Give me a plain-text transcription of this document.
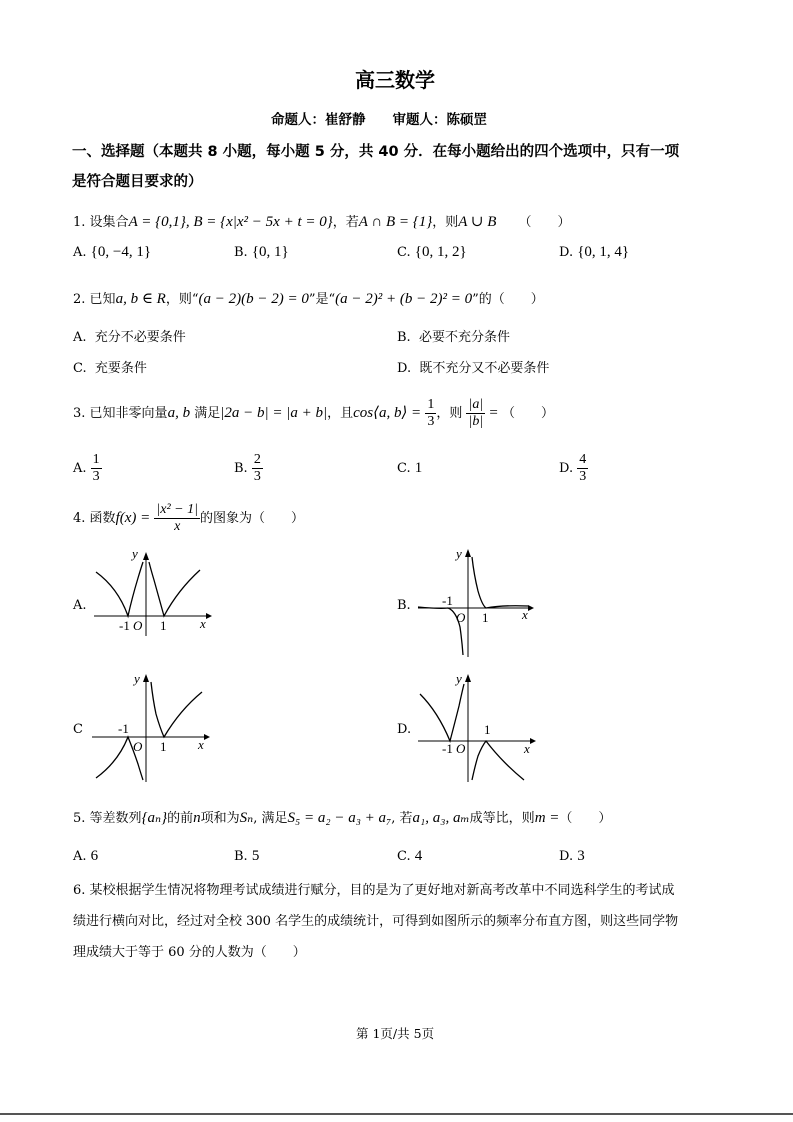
高三数学
命题人：崔舒静　　审题人：陈硕罡
一、选择题（本题共 8 小题，每小题 5 分，共 40 分．在每小题给出的四个选项中，只有一项
是符合题目要求的）
1. 设集合A = {0,1}, B = {x|x² − 5x + t = 0}，若A ∩ B = {1}，则A ∪ B （　　）
A. {0, −4, 1}	B. {0, 1}	C. {0, 1, 2}	D. {0, 1, 4}
2. 已知a, b ∈ R，则“(a − 2)(b − 2) = 0”是“(a − 2)² + (b − 2)² = 0”的（　　）
A. 充分不必要条件	B. 必要不充分条件
C. 充要条件	D. 既不充分又不必要条件
3. 已知非零向量a, b 满足|2a − b| = |a + b|，且cos⟨a, b⟩ = $\frac{1}{3}$ ，则 $\frac{|a|}{|b|}$ = （　　）
A. $\frac{1}{3}$	B. $\frac{2}{3}$	C. 1	D. $\frac{4}{3}$
4. 函数$f(x) = \frac{\text{|x² − 1|}}{x}$ 的图象为（　　）
A.	B.
C	D.
y
x
-1 O 1
y
x
-1
O 1
y
x
-1
O 1
y
x
-1 O
1
5. 等差数列{aₙ}的前n项和为Sₙ, 满足S₅ = a₂ − a₃ + a₇, 若a₁, a₃, aₘ成等比，则m =（　　）
A. 6	B. 5	C. 4	D. 3
6. 某校根据学生情况将物理考试成绩进行赋分，目的是为了更好地对新高考改革中不同选科学生的考试成
绩进行横向对比，经过对全校 300 名学生的成绩统计，可得到如图所示的频率分布直方图，则这些同学物
理成绩大于等于 60 分的人数为（　　）
第 1页/共 5页
